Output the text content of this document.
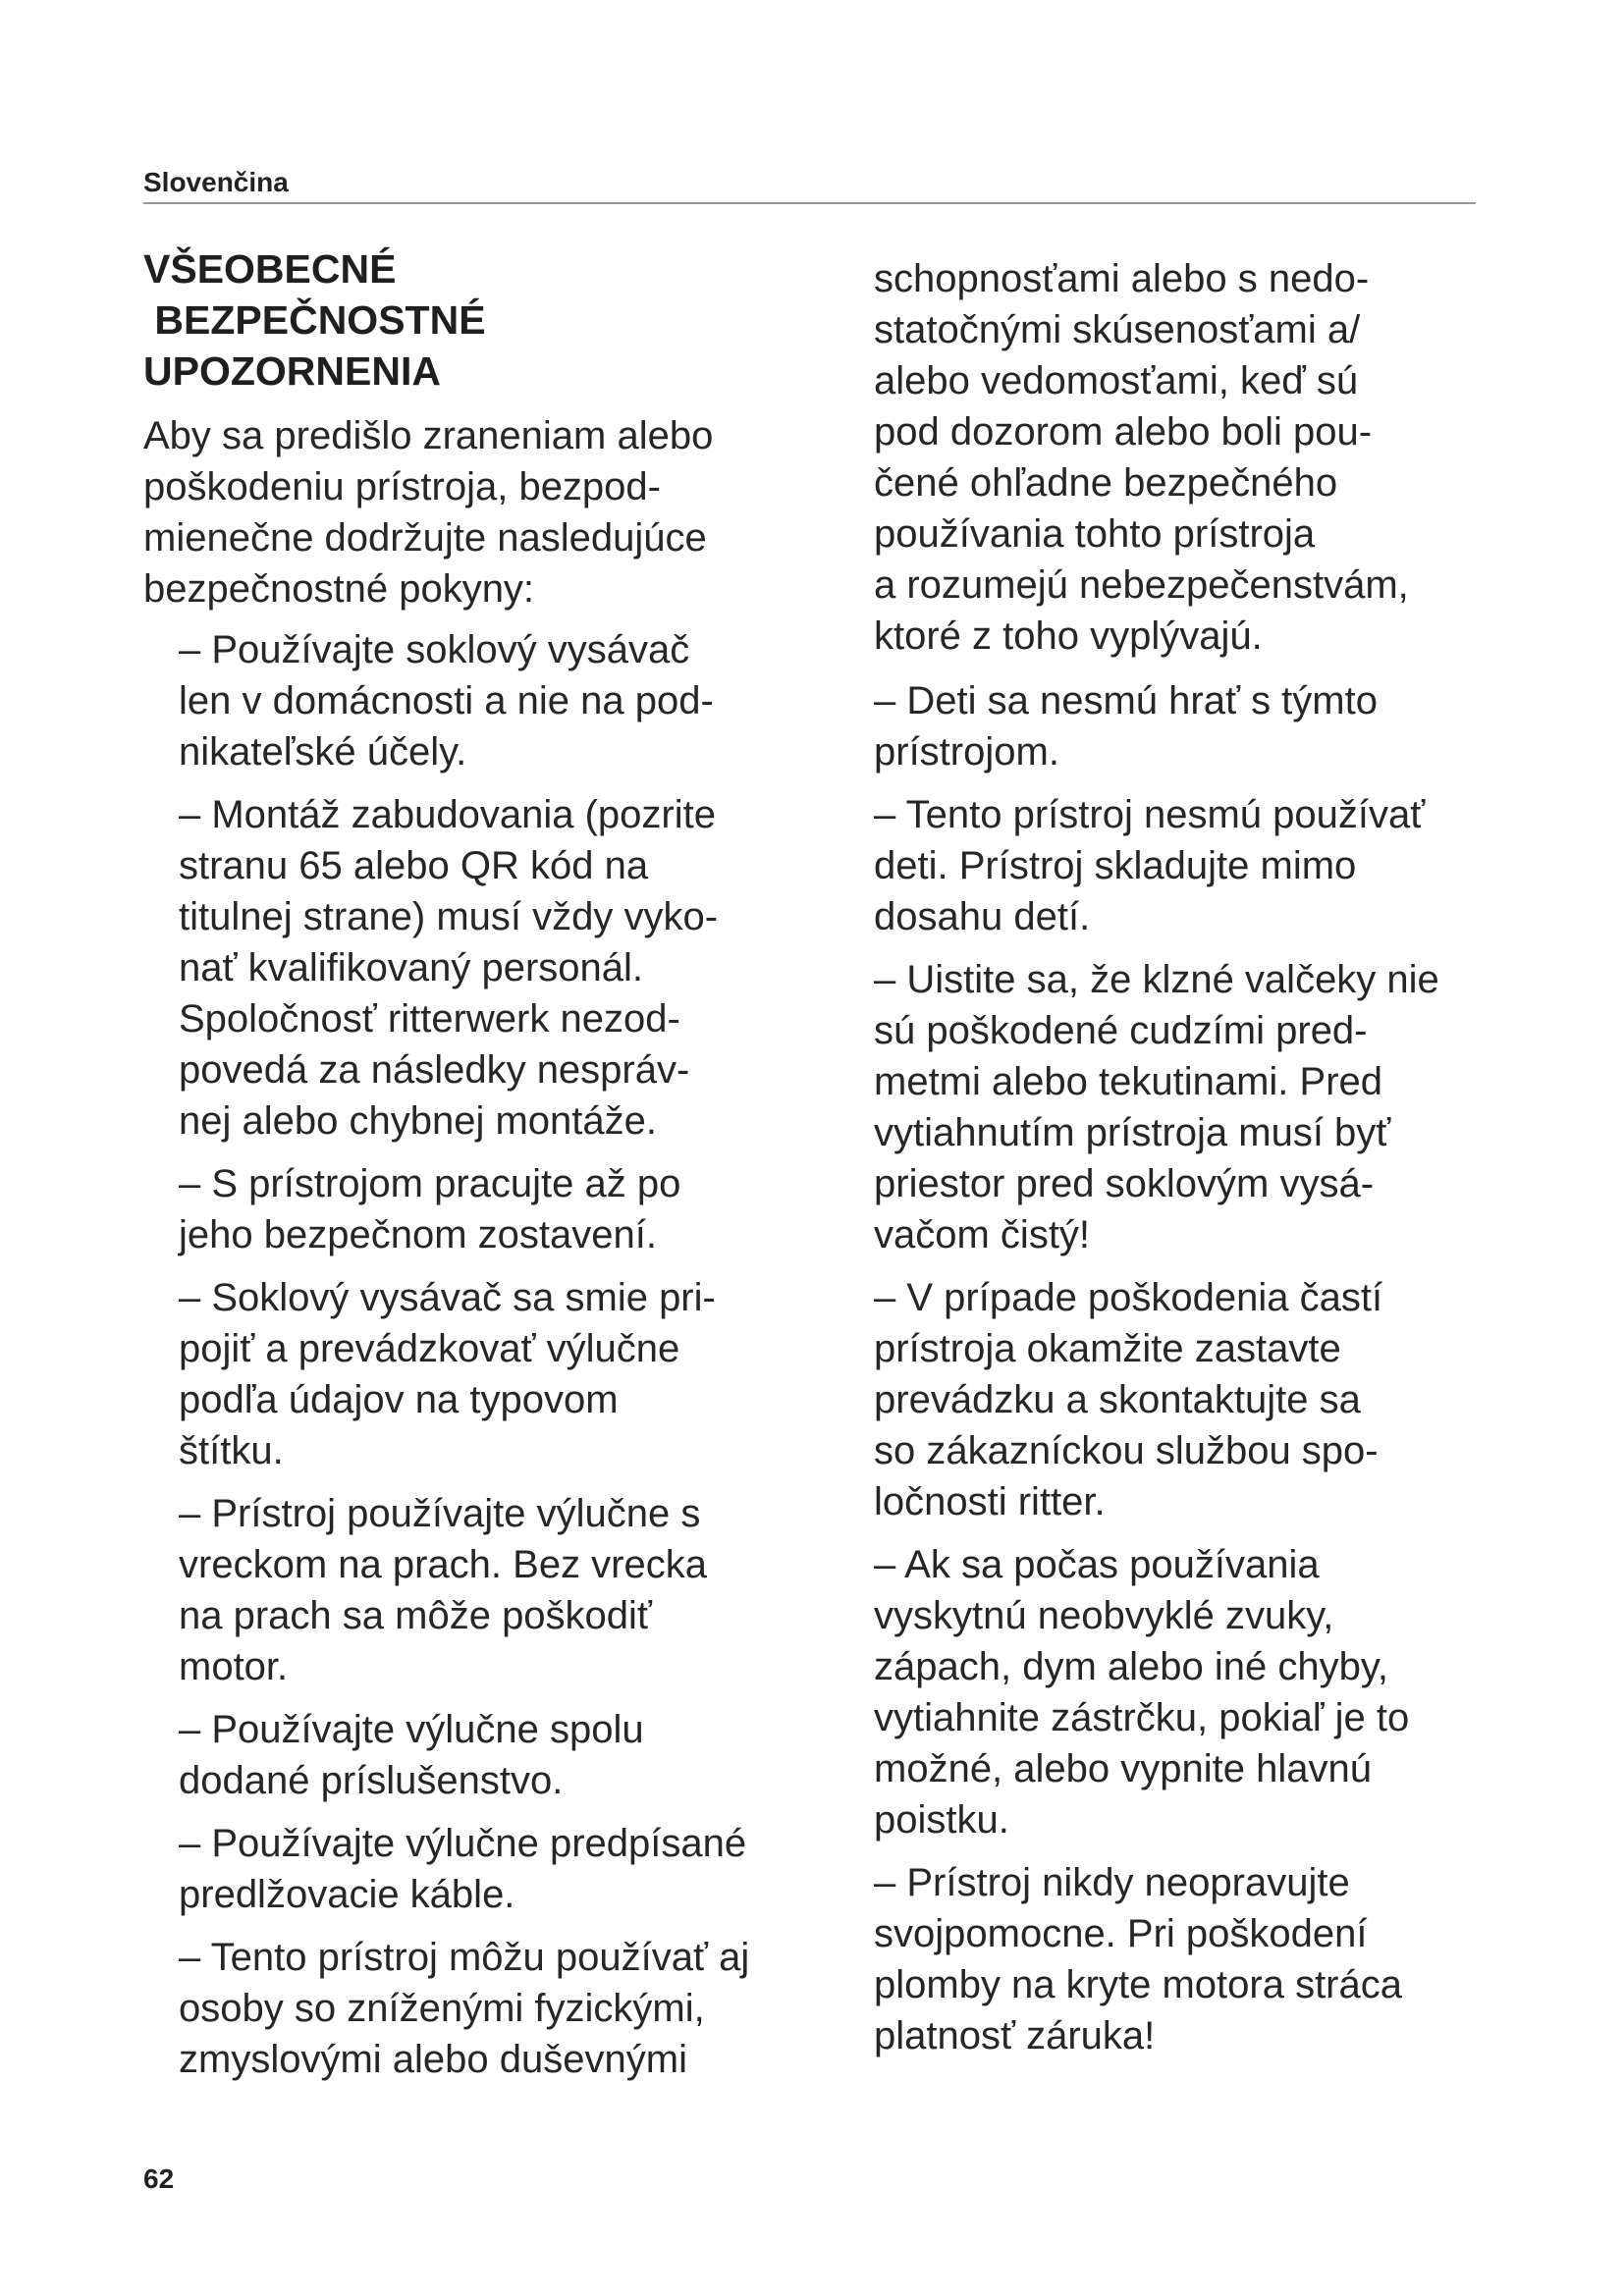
Slovenčina
VŠEOBECNÉ
BEZPEČNOSTNÉ
UPOZORNENIA

Aby sa predišlo zraneniam alebo
poškodeniu prístroja, bezpod-
mienečne dodržujte nasledujúce
bezpečnostné pokyny:

– Používajte soklový vysávač
len v domácnosti a nie na pod-
nikateľské účely.
– Montáž zabudovania (pozrite
stranu 65 alebo QR kód na
titulnej strane) musí vždy vyko-
nať kvalifikovaný personál.
Spoločnosť ritterwerk nezod-
povedá za následky nespráv-
nej alebo chybnej montáže.
– S prístrojom pracujte až po
jeho bezpečnom zostavení.
– Soklový vysávač sa smie pri-
pojiť a prevádzkovať výlučne
podľa údajov na typovom
štítku.
– Prístroj používajte výlučne s
vreckom na prach. Bez vrecka
na prach sa môže poškodiť
motor.
– Používajte výlučne spolu
dodané príslušenstvo.
– Používajte výlučne predpísané
predlžovacie káble.
– Tento prístroj môžu používať aj
osoby so zníženými fyzickými,
zmyslovými alebo duševnými

schopnosťami alebo s nedo-
statočnými skúsenosťami a/
alebo vedomosťami, keď sú
pod dozorom alebo boli pou-
čené ohľadne bezpečného
používania tohto prístroja
a rozumejú nebezpečenstvám,
ktoré z toho vyplývajú.

– Deti sa nesmú hrať s týmto
prístrojom.
– Tento prístroj nesmú používať
deti. Prístroj skladujte mimo
dosahu detí.
– Uistite sa, že klzné valčeky nie
sú poškodené cudzími pred-
metmi alebo tekutinami. Pred
vytiahnutím prístroja musí byť
priestor pred soklovým vysá-
vačom čistý!
– V prípade poškodenia častí
prístroja okamžite zastavte
prevádzku a skontaktujte sa
so zákazníckou službou spo-
ločnosti ritter.
– Ak sa počas používania
vyskytnú neobvyklé zvuky,
zápach, dym alebo iné chyby,
vytiahnite zástrčku, pokiaľ je to
možné, alebo vypnite hlavnú
poistku.
– Prístroj nikdy neopravujte
svojpomocne. Pri poškodení
plomby na kryte motora stráca
platnosť záruka!
62
